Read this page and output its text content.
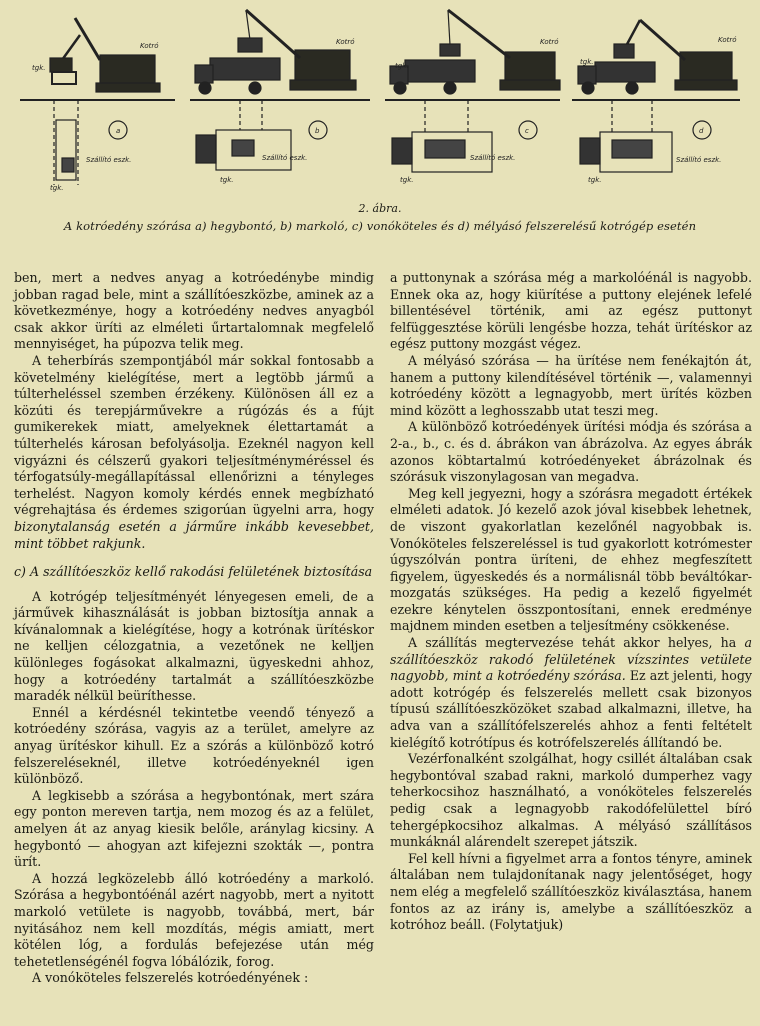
a	b	c	d
Kotró	Kotró	Kotró	Kotró
Szállító eszk.	Szállító eszk.	Szállító eszk.	Szállító eszk.
tgk.
tgk.
tgk.
tgk.
tgk.
tgk.
tgk.
2. ábra.
A kotróedény szórása a) hegybontó, b) markoló, c) vonóköteles és d) mélyásó felszerelésű kotrógép esetén

ben, mert a nedves anyag a kotróedénybe mindig jobban ragad bele, mint a szállítóeszközbe, aminek az a következménye, hogy a kotróedény nedves anyagból csak akkor üríti az elméleti űrtartalomnak megfelelő mennyiséget, ha púpozva telik meg.

A teherbírás szempontjából már sokkal fontosabb a követelmény kielégítése, mert a legtöbb jármű a túlterheléssel szemben érzékeny. Különösen áll ez a közúti és terepjárművekre a rúgózás és a fújt gumikerekek miatt, amelyeknek élettartamát a túlterhelés károsan befolyásolja. Ezeknél nagyon kell vigyázni és célszerű gyakori teljesítményméréssel és térfogatsúly-megállapítással ellenőrizni a tényleges terhelést. Nagyon komoly kérdés ennek megbízható végrehajtása és érdemes szigorúan ügyelni arra, hogy bizonytalanság esetén a járműre inkább kevesebbet, mint többet rakjunk.

c) A szállítóeszköz kellő rakodási felületének biztosítása

A kotrógép teljesítményét lényegesen emeli, de a járművek kihasználását is jobban biztosítja annak a kívánalomnak a kielégítése, hogy a kotrónak ürítéskor ne kelljen célozgatnia, a vezetőnek ne kelljen különleges fogásokat alkalmazni, ügyeskedni ahhoz, hogy a kotróedény tartalmát a szállítóeszközbe maradék nélkül beüríthesse.

Ennél a kérdésnél tekintetbe veendő tényező a kotróedény szórása, vagyis az a terület, amelyre az anyag ürítéskor kihull. Ez a szórás a különböző kotró felszereléseknél, illetve kotróedényeknél igen különböző.

A legkisebb a szórása a hegybontónak, mert szára egy ponton mereven tartja, nem mozog és az a felület, amelyen át az anyag kiesik belőle, aránylag kicsiny. A hegybontó — ahogyan azt kifejezni szokták —, pontra ürít.

A hozzá legközelebb álló kotróedény a markoló. Szórása a hegybontóénál azért nagyobb, mert a nyitott markoló vetülete is nagyobb, továbbá, mert, bár nyitásához nem kell mozdítás, mégis amiatt, mert kötélen lóg, a fordulás befejezése után még tehetetlenségénél fogva lóbálózik, forog.

A vonóköteles felszerelés kotróedényének :

a puttonynak a szórása még a markolóénál is nagyobb. Ennek oka az, hogy kiürítése a puttony elejének lefelé billentésével történik, ami az egész puttonyt felfüggesztése körüli lengésbe hozza, tehát ürítéskor az egész puttony mozgást végez.

A mélyásó szórása — ha ürítése nem fenékajtón át, hanem a puttony kilendítésével történik —, valamennyi kotróedény között a legnagyobb, mert ürítés közben mind között a leghosszabb utat teszi meg.

A különböző kotróedények ürítési módja és szórása a 2-a., b., c. és d. ábrákon van ábrázolva. Az egyes ábrák azonos köbtartalmú kotróedényeket ábrázolnak és szórásuk viszonylagosan van megadva.

Meg kell jegyezni, hogy a szórásra megadott értékek elméleti adatok. Jó kezelő azok jóval kisebbek lehetnek, de viszont gyakorlatlan kezelőnél nagyobbak is. Vonóköteles felszereléssel is tud gyakorlott kotrómester úgyszólván pontra üríteni, de ehhez megfeszített figyelem, ügyeskedés és a normálisnál több beváltókar-mozgatás szükséges. Ha pedig a kezelő figyelmét ezekre kénytelen összpontosítani, ennek eredménye majdnem minden esetben a teljesítmény csökkenése.

A szállítás megtervezése tehát akkor helyes, ha a szállítóeszköz rakodó felületének vízszintes vetülete nagyobb, mint a kotróedény szórása. Ez azt jelenti, hogy adott kotrógép és felszerelés mellett csak bizonyos típusú szállítóeszközöket szabad alkalmazni, illetve, ha adva van a szállítófelszerelés ahhoz a fenti feltételt kielégítő kotrótípus és kotrófelszerelés állítandó be.

Vezérfonalként szolgálhat, hogy csillét általában csak hegybontóval szabad rakni, markoló dumperhez vagy teherkocsihoz használható, a vonóköteles felszerelés pedig csak a legnagyobb rakodófelülettel bíró tehergépkocsihoz alkalmas. A mélyásó szállításos munkáknál alárendelt szerepet játszik.

Fel kell hívni a figyelmet arra a fontos tényre, aminek általában nem tulajdonítanak nagy jelentőséget, hogy nem elég a megfelelő szállítóeszköz kiválasztása, hanem fontos az az irány is, amelybe a szállítóeszköz a kotróhoz beáll. (Folytatjuk)
